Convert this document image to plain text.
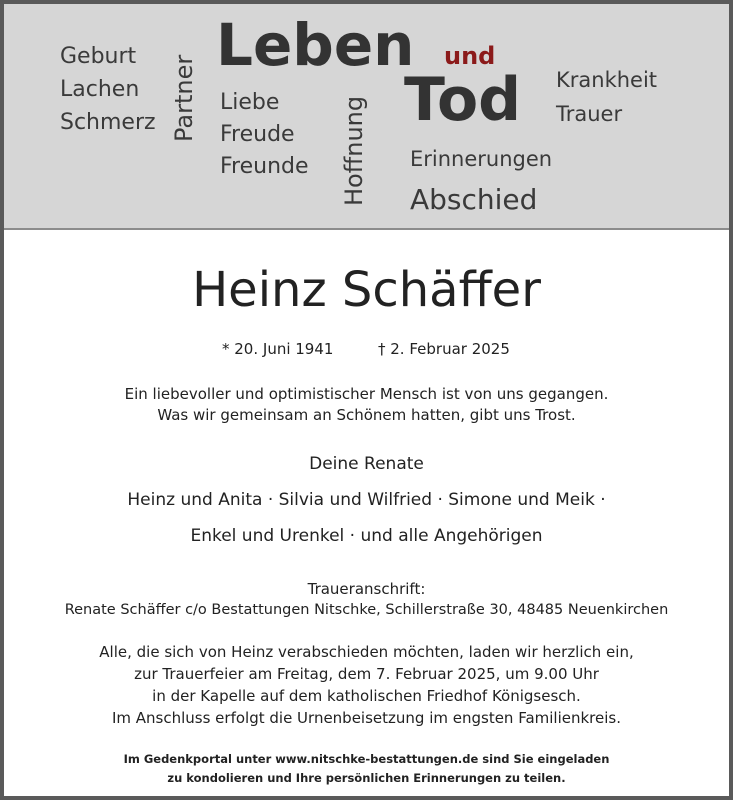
Geburt
Lachen
Schmerz Partner
Leben
Liebe
Freude
Freunde Hoffnung
und
Tod
Erinnerungen
Abschied
Krankheit
Trauer
Heinz Schäffer
* 20. Juni 1941	† 2. Februar 2025
Ein liebevoller und optimistischer Mensch ist von uns gegangen.
Was wir gemeinsam an Schönem hatten, gibt uns Trost.
Deine Renate
Heinz und Anita · Silvia und Wilfried · Simone und Meik ·
Enkel und Urenkel · und alle Angehörigen
Traueranschrift:
Renate Schäffer c/o Bestattungen Nitschke, Schillerstraße 30, 48485 Neuenkirchen
Alle, die sich von Heinz verabschieden möchten, laden wir herzlich ein,
zur Trauerfeier am Freitag, dem 7. Februar 2025, um 9.00 Uhr
in der Kapelle auf dem katholischen Friedhof Königsesch.
Im Anschluss erfolgt die Urnenbeisetzung im engsten Familienkreis.
Im Gedenkportal unter www.nitschke-bestattungen.de sind Sie eingeladen
zu kondolieren und Ihre persönlichen Erinnerungen zu teilen.
